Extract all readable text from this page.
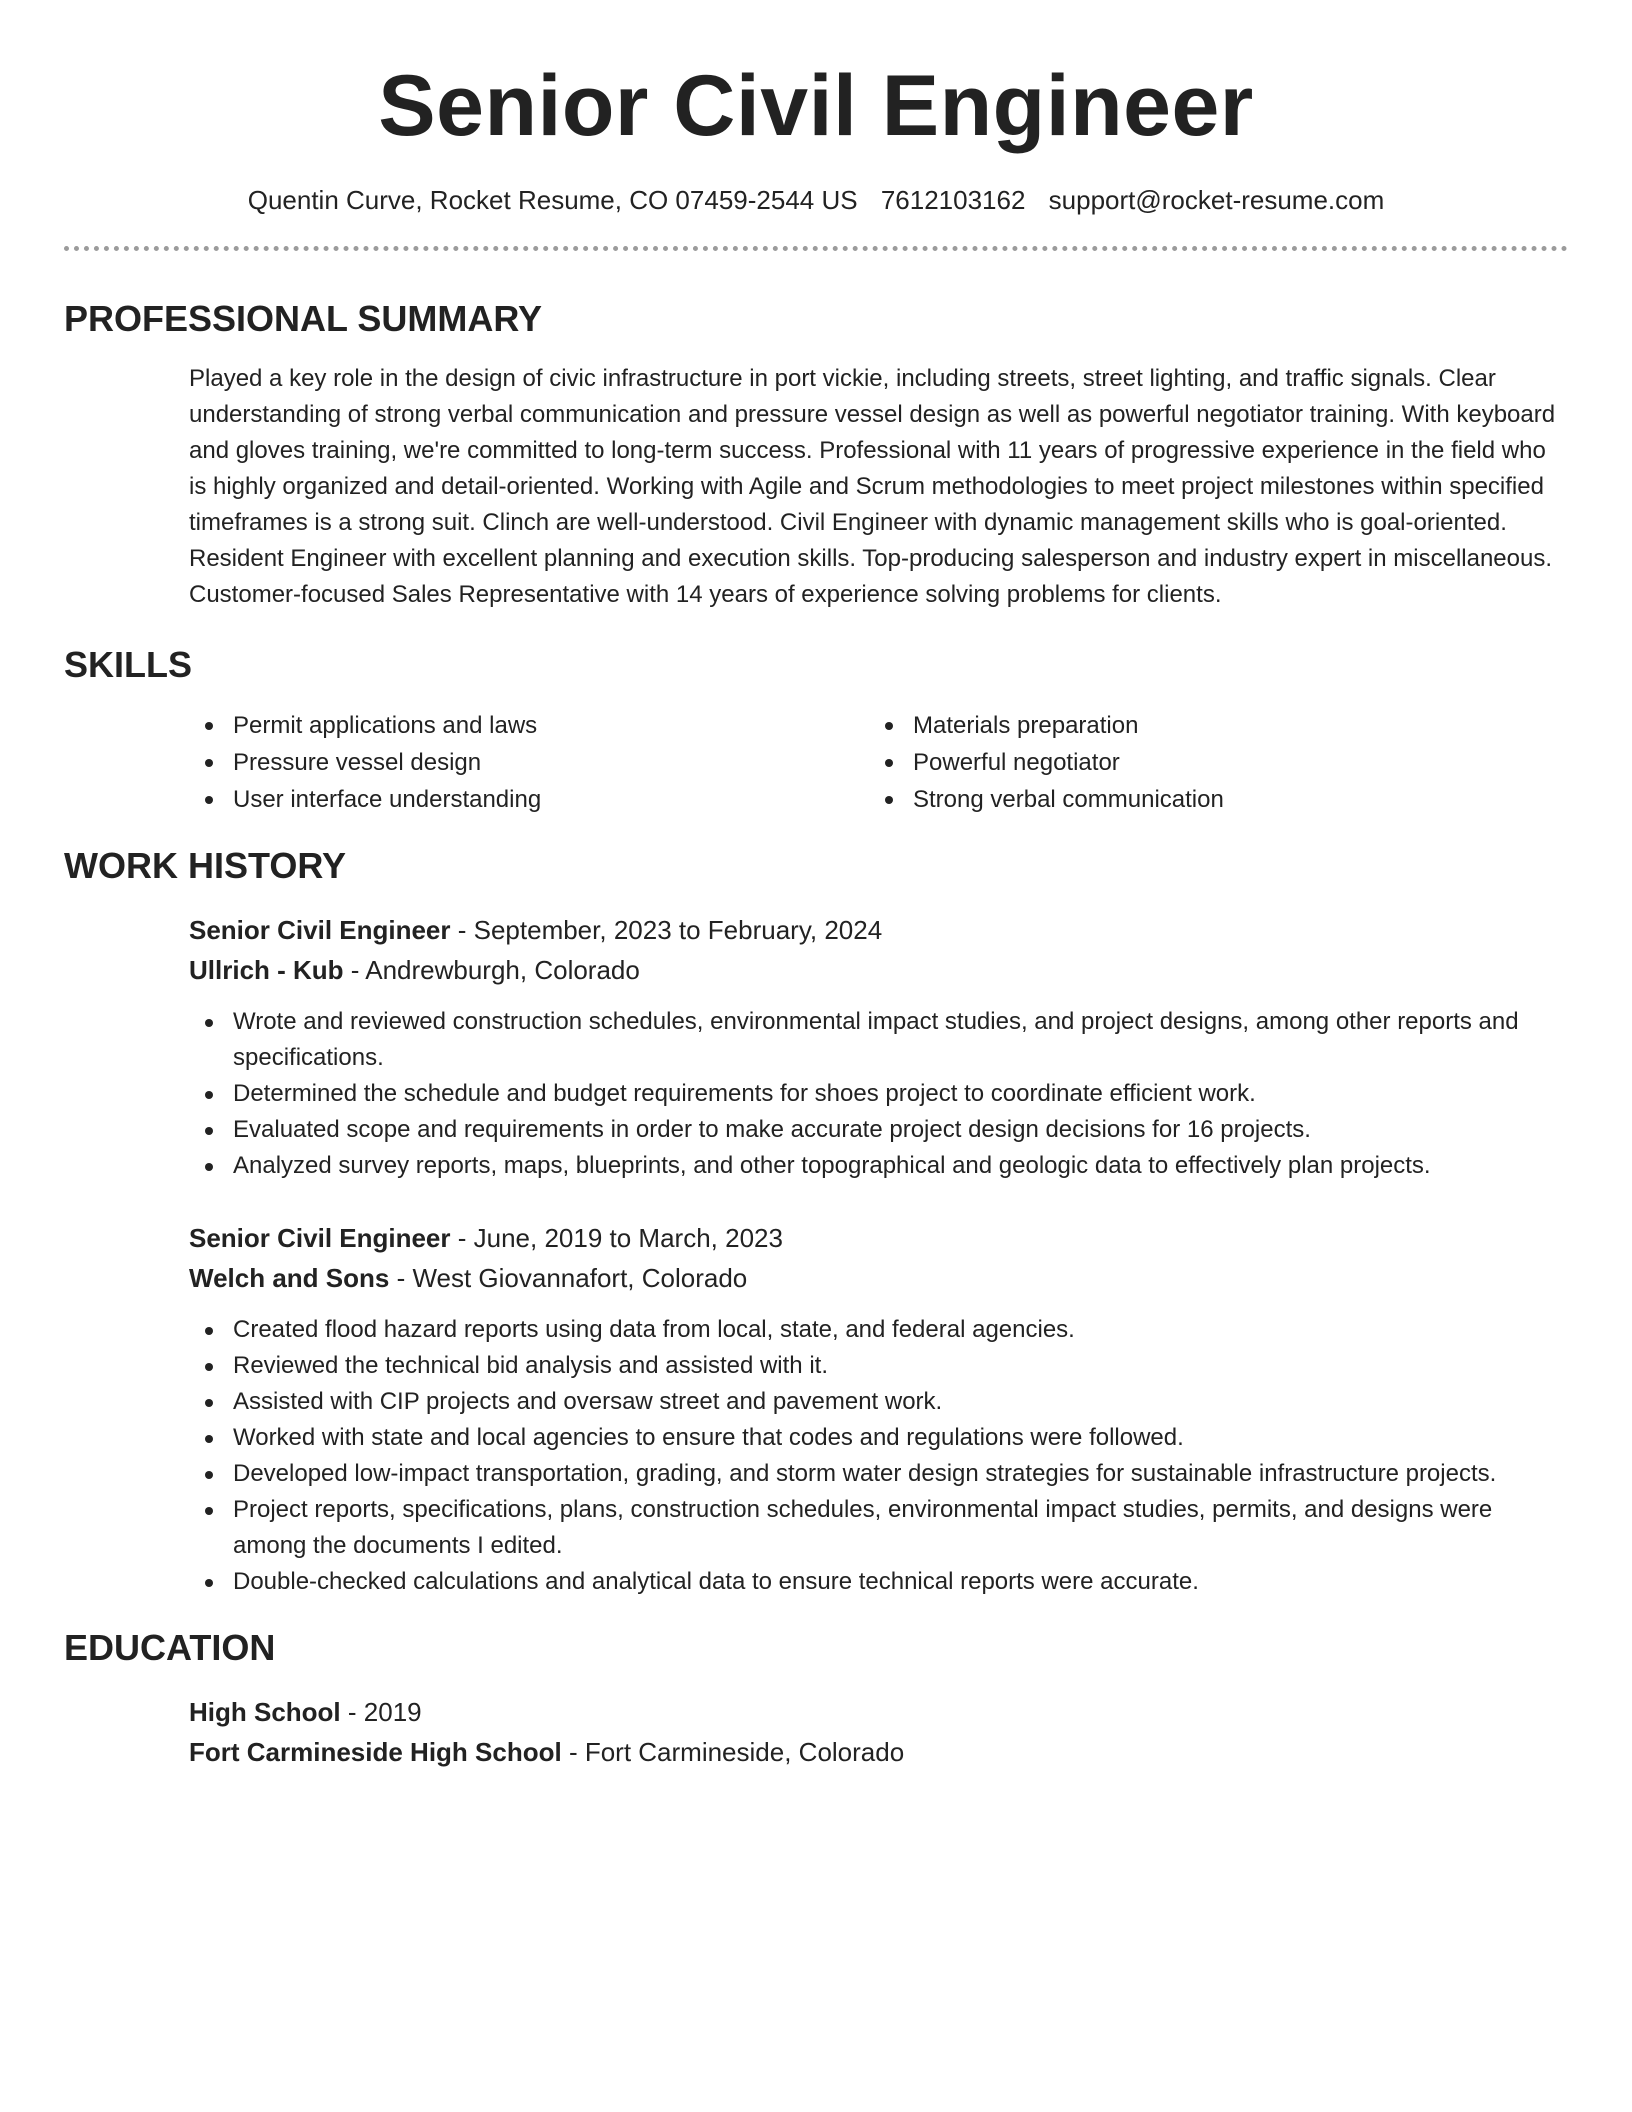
Senior Civil Engineer
Quentin Curve, Rocket Resume, CO 07459-2544 US 7612103162 support@rocket-resume.com
PROFESSIONAL SUMMARY
Played a key role in the design of civic infrastructure in port vickie, including streets, street lighting, and traffic signals. Clear understanding of strong verbal communication and pressure vessel design as well as powerful negotiator training. With keyboard and gloves training, we're committed to long-term success. Professional with 11 years of progressive experience in the field who is highly organized and detail-oriented. Working with Agile and Scrum methodologies to meet project milestones within specified timeframes is a strong suit. Clinch are well-understood. Civil Engineer with dynamic management skills who is goal-oriented. Resident Engineer with excellent planning and execution skills. Top-producing salesperson and industry expert in miscellaneous. Customer-focused Sales Representative with 14 years of experience solving problems for clients.
SKILLS
Permit applications and laws	Materials preparation
Pressure vessel design	Powerful negotiator
User interface understanding	Strong verbal communication
WORK HISTORY
Senior Civil Engineer - September, 2023 to February, 2024
Ullrich - Kub - Andrewburgh, Colorado
Wrote and reviewed construction schedules, environmental impact studies, and project designs, among other reports and specifications.
Determined the schedule and budget requirements for shoes project to coordinate efficient work.
Evaluated scope and requirements in order to make accurate project design decisions for 16 projects.
Analyzed survey reports, maps, blueprints, and other topographical and geologic data to effectively plan projects.
Senior Civil Engineer - June, 2019 to March, 2023
Welch and Sons - West Giovannafort, Colorado
Created flood hazard reports using data from local, state, and federal agencies.
Reviewed the technical bid analysis and assisted with it.
Assisted with CIP projects and oversaw street and pavement work.
Worked with state and local agencies to ensure that codes and regulations were followed.
Developed low-impact transportation, grading, and storm water design strategies for sustainable infrastructure projects.
Project reports, specifications, plans, construction schedules, environmental impact studies, permits, and designs were among the documents I edited.
Double-checked calculations and analytical data to ensure technical reports were accurate.
EDUCATION
High School - 2019
Fort Carmineside High School - Fort Carmineside, Colorado
